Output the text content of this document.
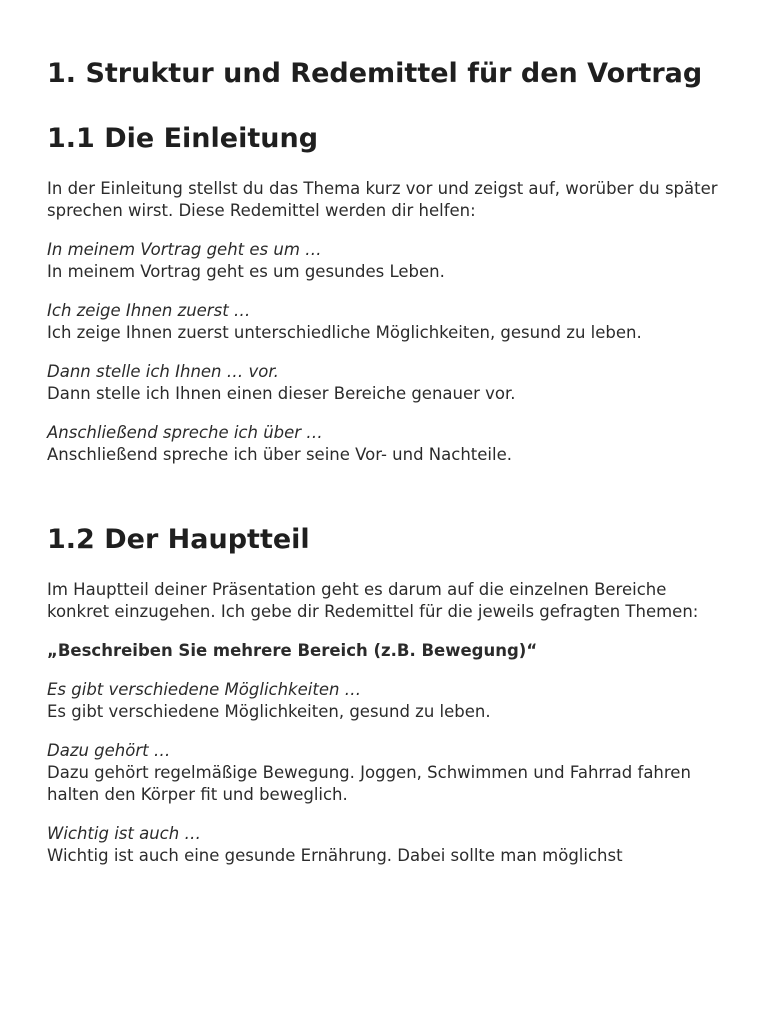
1. Struktur und Redemittel für den Vortrag
1.1 Die Einleitung

In der Einleitung stellst du das Thema kurz vor und zeigst auf, worüber du später sprechen wirst. Diese Redemittel werden dir helfen:

In meinem Vortrag geht es um …
In meinem Vortrag geht es um gesundes Leben.

Ich zeige Ihnen zuerst …
Ich zeige Ihnen zuerst unterschiedliche Möglichkeiten, gesund zu leben.

Dann stelle ich Ihnen … vor.
Dann stelle ich Ihnen einen dieser Bereiche genauer vor.

Anschließend spreche ich über …
Anschließend spreche ich über seine Vor- und Nachteile.

1.2 Der Hauptteil

Im Hauptteil deiner Präsentation geht es darum auf die einzelnen Bereiche konkret einzugehen. Ich gebe dir Redemittel für die jeweils gefragten Themen:

„Beschreiben Sie mehrere Bereich (z.B. Bewegung)“

Es gibt verschiedene Möglichkeiten …
Es gibt verschiedene Möglichkeiten, gesund zu leben.

Dazu gehört …
Dazu gehört regelmäßige Bewegung. Joggen, Schwimmen und Fahrrad fahren halten den Körper fit und beweglich.

Wichtig ist auch …
Wichtig ist auch eine gesunde Ernährung. Dabei sollte man möglichst
